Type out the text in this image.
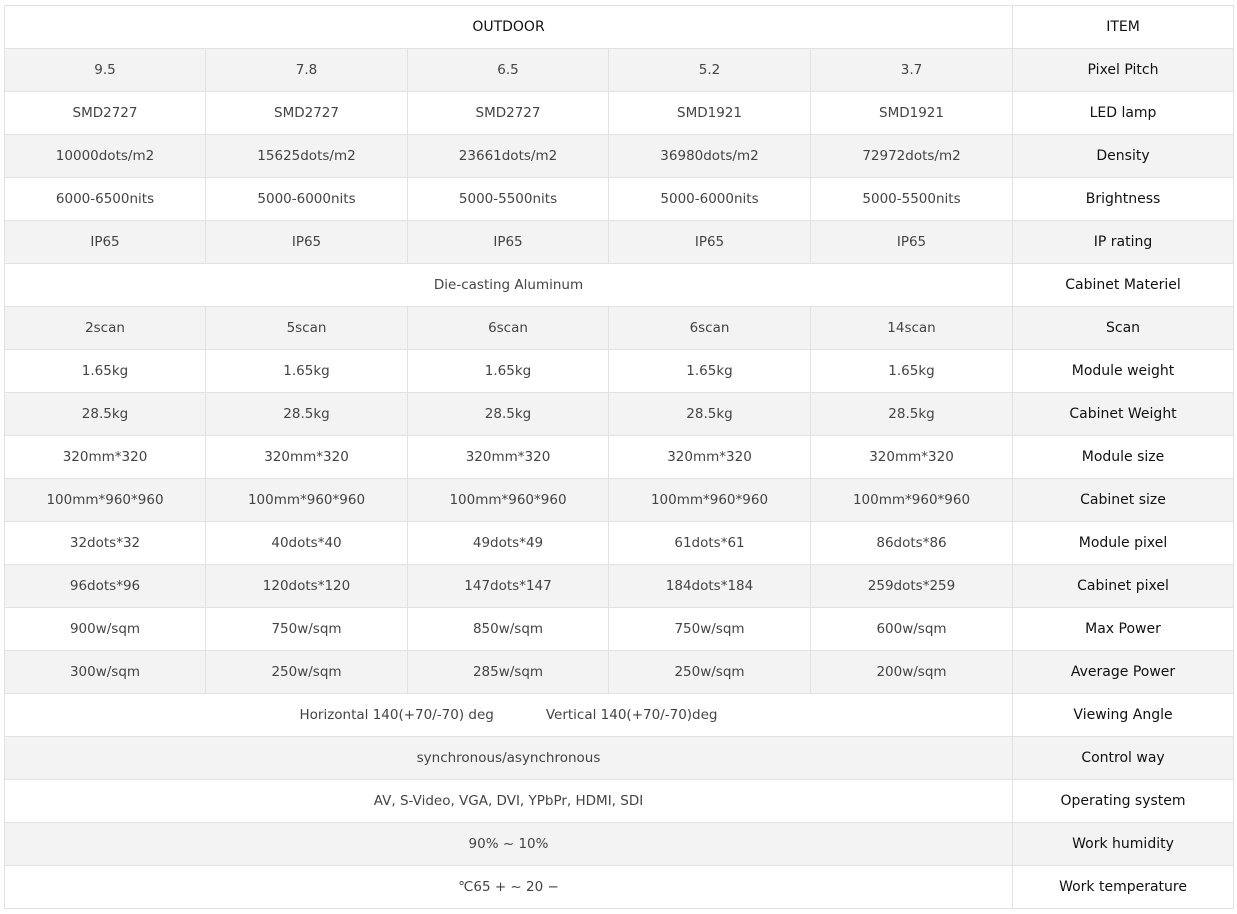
OUTDOOR					ITEM
9.5	7.8	6.5	5.2	3.7	Pixel Pitch
SMD2727	SMD2727	SMD2727	SMD1921	SMD1921	LED lamp
10000dots/m2	15625dots/m2	23661dots/m2	36980dots/m2	72972dots/m2	Density
6000-6500nits	5000-6000nits	5000-5500nits	5000-6000nits	5000-5500nits	Brightness
IP65	IP65	IP65	IP65	IP65	IP rating
Die-casting Aluminum					Cabinet Materiel
2scan	5scan	6scan	6scan	14scan	Scan
1.65kg	1.65kg	1.65kg	1.65kg	1.65kg	Module weight
28.5kg	28.5kg	28.5kg	28.5kg	28.5kg	Cabinet Weight
320mm*320	320mm*320	320mm*320	320mm*320	320mm*320	Module size
100mm*960*960	100mm*960*960	100mm*960*960	100mm*960*960	100mm*960*960	Cabinet size
32dots*32	40dots*40	49dots*49	61dots*61	86dots*86	Module pixel
96dots*96	120dots*120	147dots*147	184dots*184	259dots*259	Cabinet pixel
900w/sqm	750w/sqm	850w/sqm	750w/sqm	600w/sqm	Max Power
300w/sqm	250w/sqm	285w/sqm	250w/sqm	200w/sqm	Average Power
Horizontal 140(+70/-70) deg Vertical 140(+70/-70)deg					Viewing Angle
synchronous/asynchronous					Control way
AV, S-Video, VGA, DVI, YPbPr, HDMI, SDI					Operating system
90% ~ 10%					Work humidity
℃65 + ~ 20 −					Work temperature
